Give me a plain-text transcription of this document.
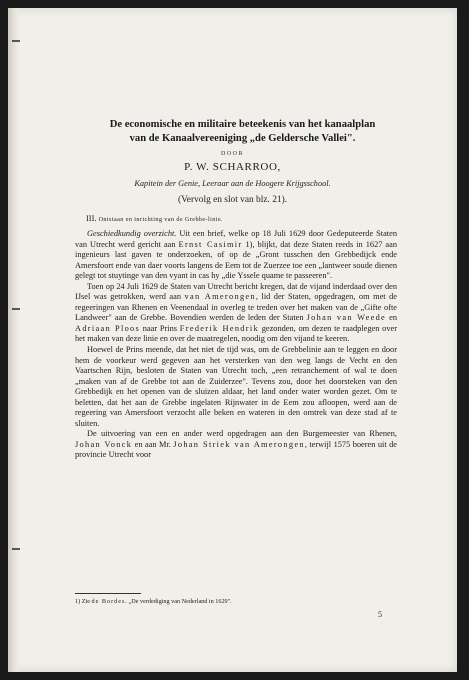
De economische en militaire beteekenis van het kanaalplan
van de Kanaalvereeniging „de Geldersche Vallei".
DOOR
P. W. SCHARROO,
Kapitein der Genie, Leeraar aan de Hoogere Krijgsschool.
(Vervolg en slot van blz. 21).
III. Ontstaan en inrichting van de Grebbe-linie.

Geschiedkundig overzicht. Uit een brief, welke op 18 Juli 1629 door Gedeputeerde Staten van Utrecht werd gericht aan Ernst Casimir 1), blijkt, dat deze Staten reeds in 1627 aan ingenieurs last gaven te onderzoeken, of op de „Gront tusschen den Grebbedijck ende Amersfoort ende van daer voorts langens de Eem tot de Zuerzee toe een „lantweer soude dienen gelegt tot stuytinge van den vyant in cas hy „die Yssele quame te passeeren".

Toen op 24 Juli 1629 de Staten van Utrecht bericht kregen, dat de vijand inderdaad over den IJsel was getrokken, werd aan van Amerongen, lid der Staten, opgedragen, om met de regeeringen van Rhenen en Veenendaal in overleg te treden over het maken van de „Gifte ofte Landweer" aan de Grebbe. Bovendien werden de leden der Staten Johan van Weede en Adriaan Ploos naar Prins Frederik Hendrik gezonden, om dezen te raadplegen over het maken van deze linie en over de maatregelen, noodig om den vijand te keeren.

Hoewel de Prins meende, dat het niet de tijd was, om de Grebbelinie aan te leggen en door hem de voorkeur werd gegeven aan het versterken van den weg langs de Vecht en den Vaartschen Rijn, besloten de Staten van Utrecht toch, „een retranchement of wal te doen „maken van af de Grebbe tot aan de Zuiderzee". Tevens zou, door het doorsteken van den Grebbedijk en het openen van de sluizen aldaar, het land onder water worden gezet. Om te beletten, dat het aan de Grebbe ingelaten Rijnwater in de Eem zou afloopen, werd aan de regeering van Amersfoort verzocht alle beken en wateren in den omtrek van deze stad af te sluiten.

De uitvoering van een en ander werd opgedragen aan den Burgemeester van Rhenen, Johan Vonck en aan Mr. Johan Striek van Amerongen, terwijl 1575 boeren uit de provincie Utrecht voor

1) Zie de Bordes. „De verdediging van Nederland in 1629".
5
